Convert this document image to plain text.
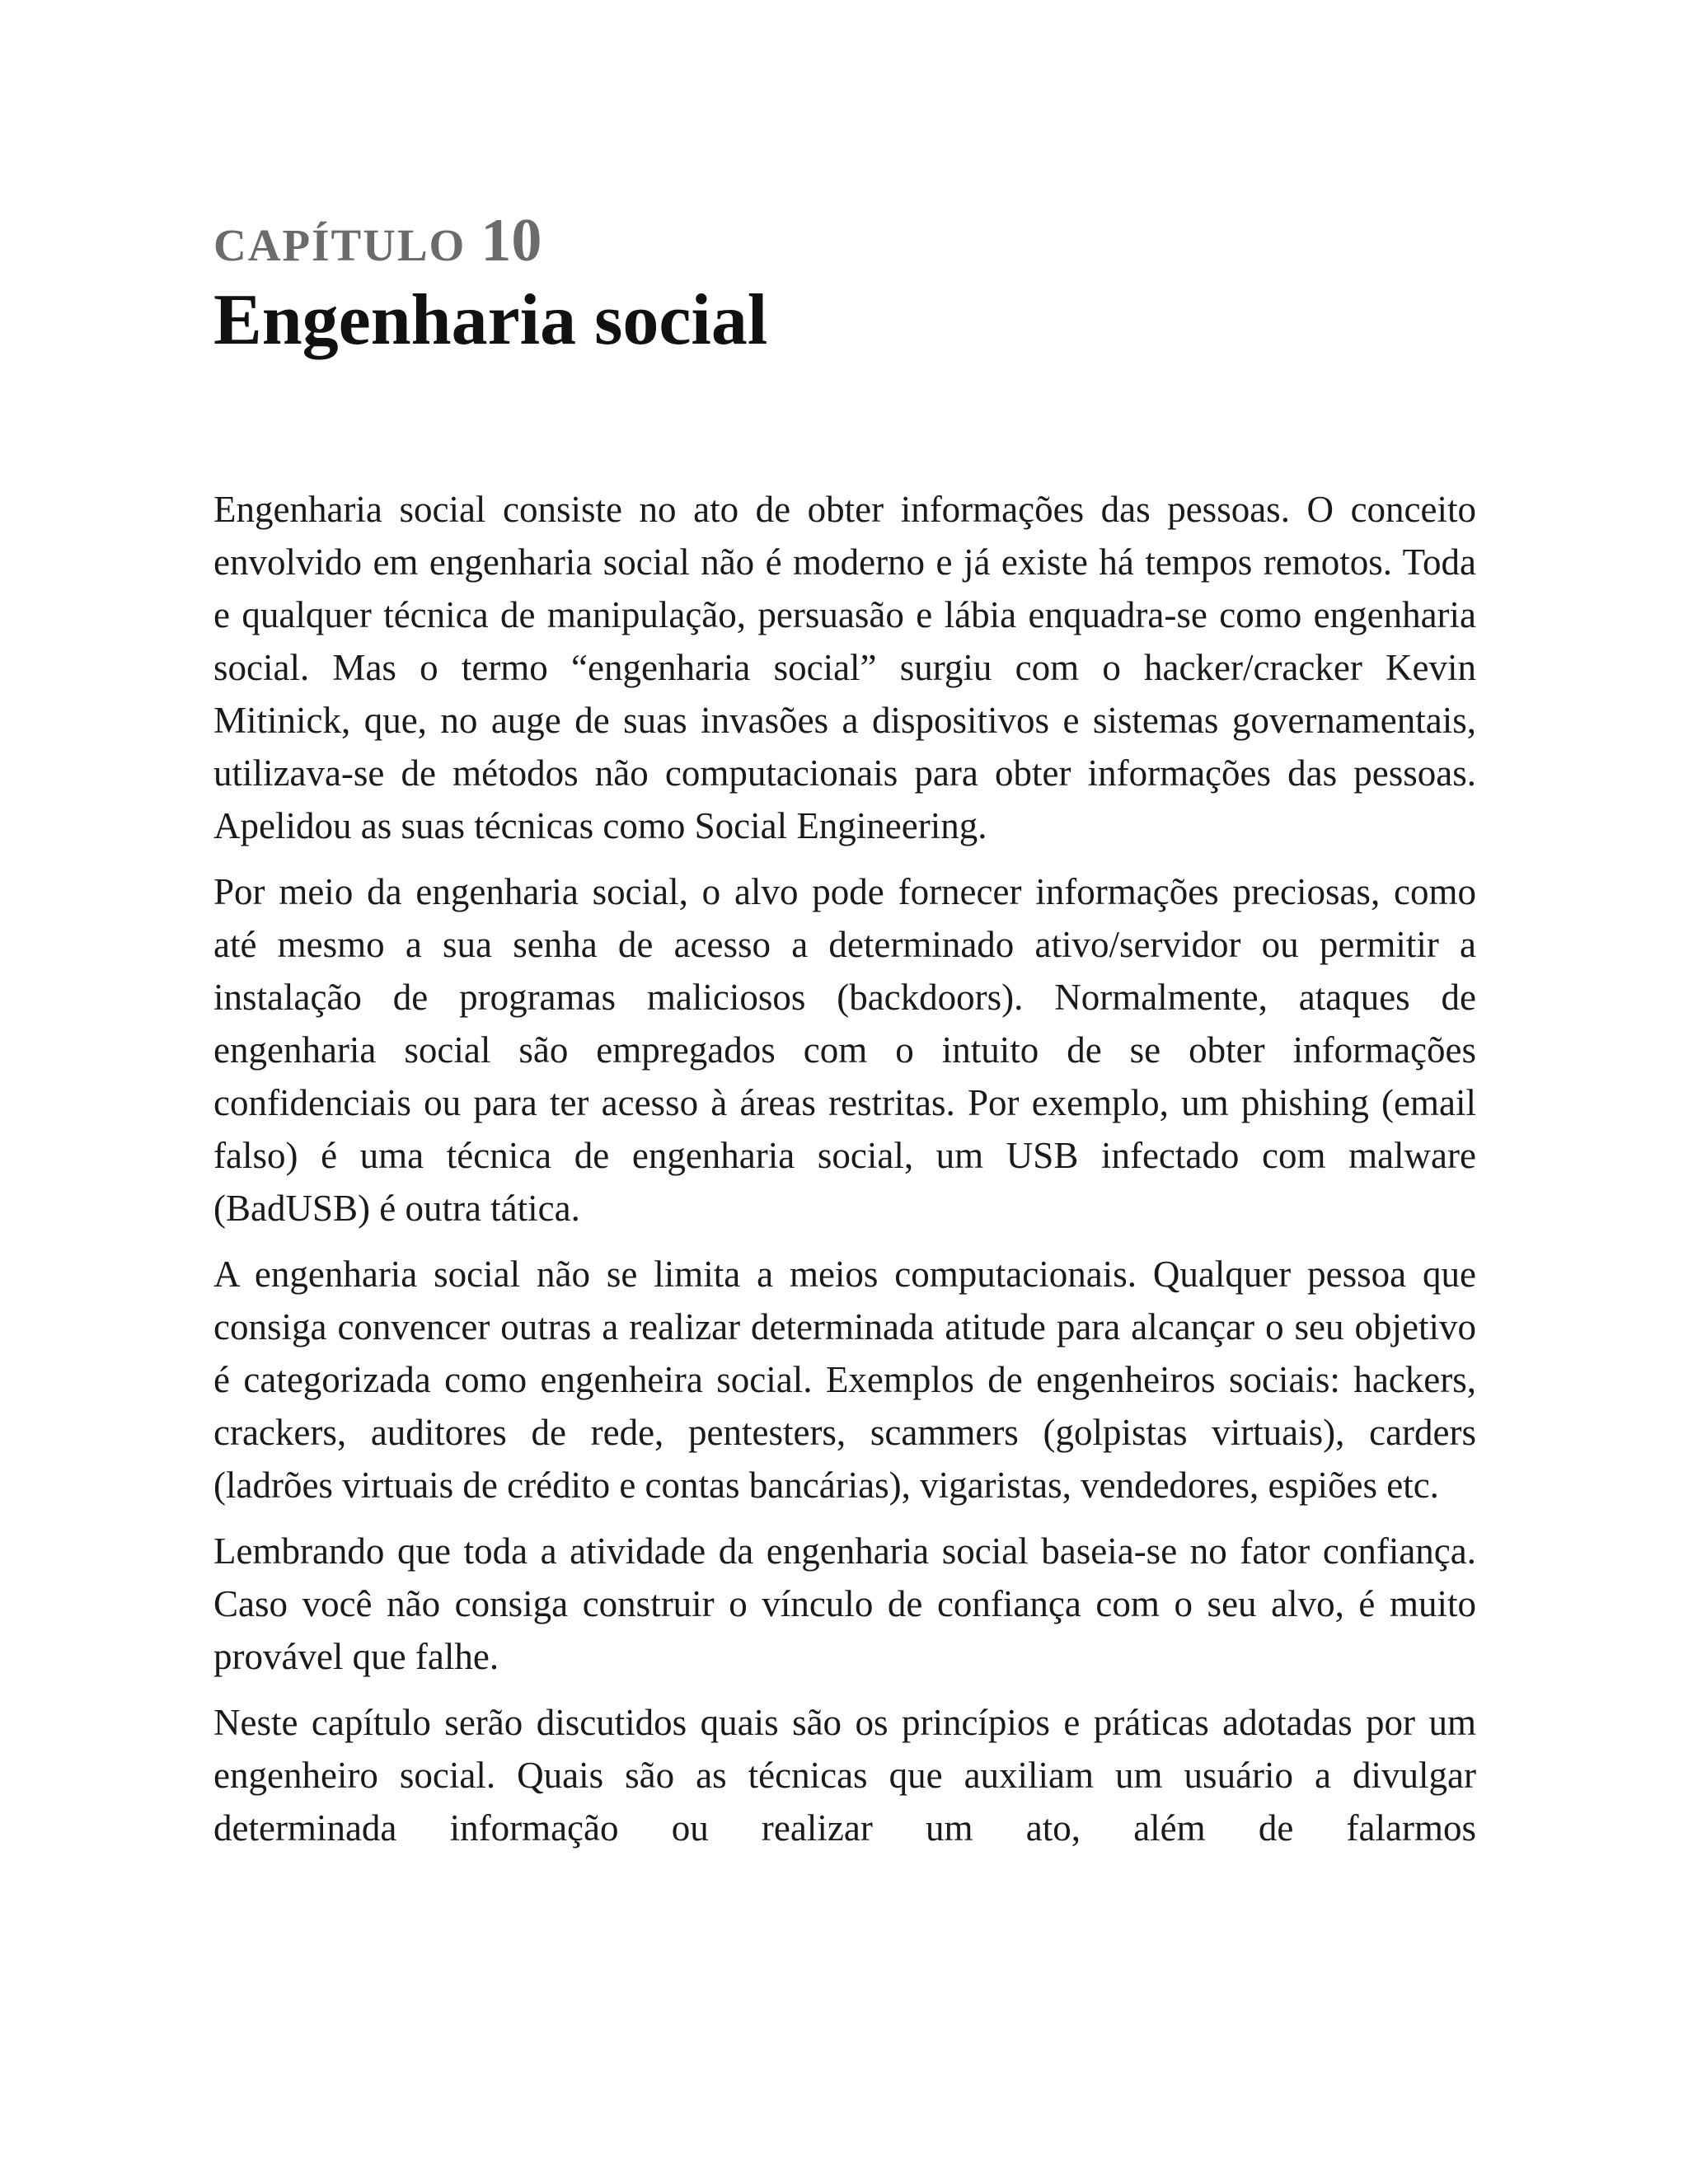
CAPÍTULO 10
Engenharia social

Engenharia social consiste no ato de obter informações das pessoas. O conceito envolvido em engenharia social não é moderno e já existe há tempos remotos. Toda e qualquer técnica de manipulação, persuasão e lábia enquadra-se como engenharia social. Mas o termo “engenharia social” surgiu com o hacker/cracker Kevin Mitinick, que, no auge de suas invasões a dispositivos e sistemas governamentais, utilizava-se de métodos não computacionais para obter informações das pessoas. Apelidou as suas técnicas como Social Engineering.

Por meio da engenharia social, o alvo pode fornecer informações preciosas, como até mesmo a sua senha de acesso a determinado ativo/servidor ou permitir a instalação de programas maliciosos (backdoors). Normalmente, ataques de engenharia social são empregados com o intuito de se obter informações confidenciais ou para ter acesso à áreas restritas. Por exemplo, um phishing (email falso) é uma técnica de engenharia social, um USB infectado com malware (BadUSB) é outra tática.

A engenharia social não se limita a meios computacionais. Qualquer pessoa que consiga convencer outras a realizar determinada atitude para alcançar o seu objetivo é categorizada como engenheira social. Exemplos de engenheiros sociais: hackers, crackers, auditores de rede, pentesters, scammers (golpistas virtuais), carders (ladrões virtuais de crédito e contas bancárias), vigaristas, vendedores, espiões etc.

Lembrando que toda a atividade da engenharia social baseia-se no fator confiança. Caso você não consiga construir o vínculo de confiança com o seu alvo, é muito provável que falhe.

Neste capítulo serão discutidos quais são os princípios e práticas adotadas por um engenheiro social. Quais são as técnicas que auxiliam um usuário a divulgar determinada informação ou realizar um ato, além de falarmos
